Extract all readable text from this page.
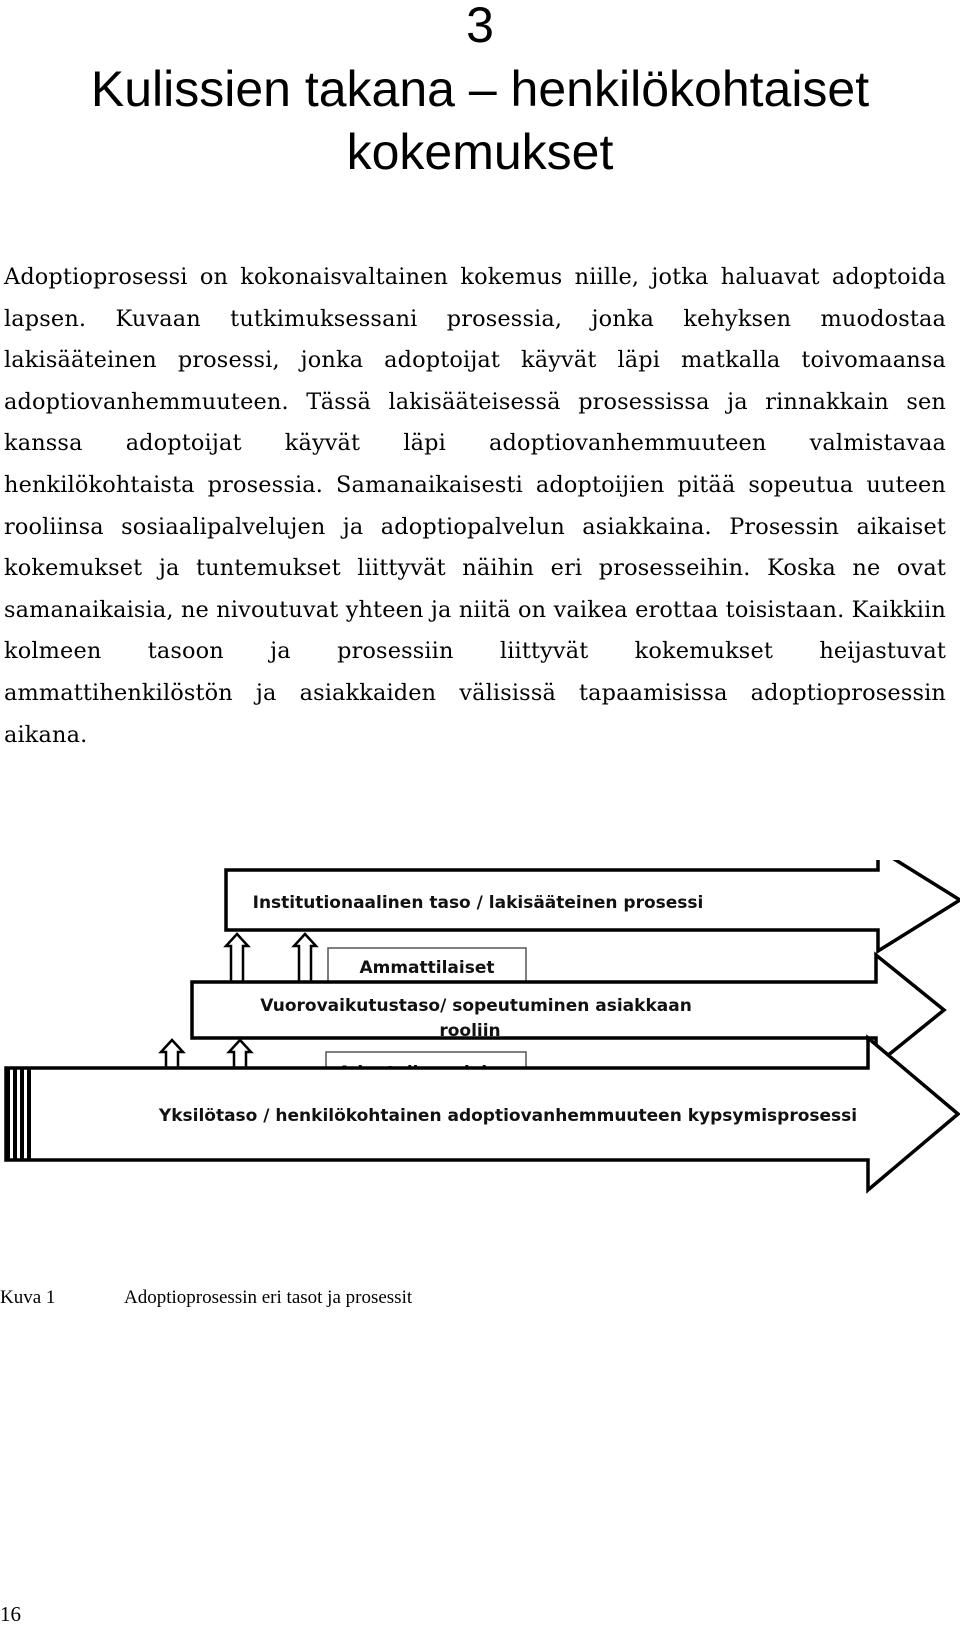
3
Kulissien takana – henkilökohtaiset kokemukset

Adoptioprosessi on kokonaisvaltainen kokemus niille, jotka haluavat adoptoida lapsen. Kuvaan tutkimuksessani prosessia, jonka kehyksen muodostaa lakisääteinen prosessi, jonka adoptoijat käyvät läpi matkalla toivomaansa adoptiovanhemmuuteen. Tässä lakisääteisessä prosessissa ja rinnakkain sen kanssa adoptoijat käyvät läpi adoptiovanhemmuuteen valmistavaa henkilökohtaista prosessia. Samanaikaisesti adoptoijien pitää sopeutua uuteen rooliinsa sosiaalipalvelujen ja adoptiopalvelun asiakkaina. Prosessin aikaiset kokemukset ja tuntemukset liittyvät näihin eri prosesseihin. Koska ne ovat samanaikaisia, ne nivoutuvat yhteen ja niitä on vaikea erottaa toisistaan. Kaikkiin kolmeen tasoon ja prosessiin liittyvät kokemukset heijastuvat ammattihenkilöstön ja asiakkaiden välisissä tapaamisissa adoptioprosessin aikana.

Institutionaalinen taso / lakisääteinen prosessi
Ammattilaiset
Vuorovaikutustaso/ sopeutuminen asiakkaan
rooliin
Yksilötaso / henkilökohtainen adoptiovanhemmuuteen kypsymisprosessi
Kuva 1	Adoptioprosessin eri tasot ja prosessit
16
